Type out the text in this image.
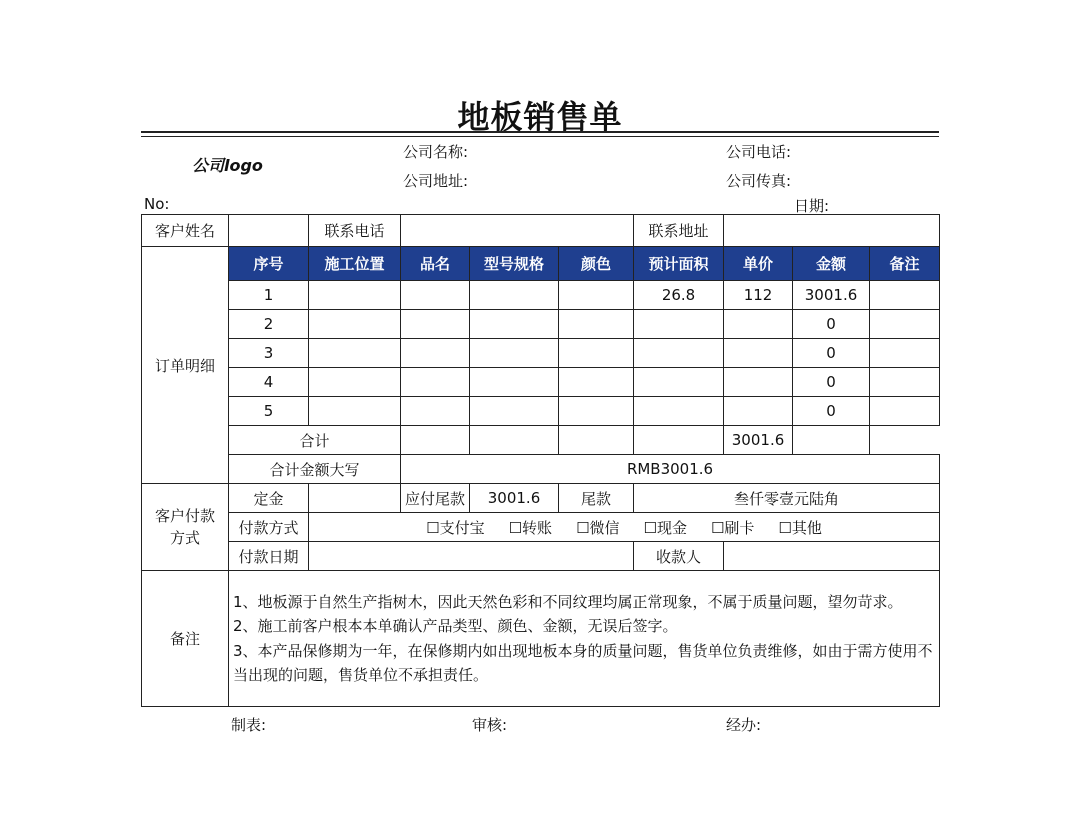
地板销售单
公司logo
公司名称:
公司地址:
公司电话:
公司传真:
No:	日期:
客户姓名		联系电话				联系地址			
订单明细	序号	施工位置	品名	型号规格	颜色	预计面积	单价	金额	备注
	1					26.8	112	3001.6	
	2							0	
	3							0	
	4							0	
	5							0	
	合计						3001.6		
	合计金额大写		RMB3001.6						
客户付款
方式	定金		应付尾款	3001.6	尾款	叁仟零壹元陆角			
	付款方式	☐支付宝 ☐转账 ☐微信 ☐现金 ☐刷卡 ☐其他							
	付款日期					收款人			
备注	1、地板源于自然生产指树木，因此天然色彩和不同纹理均属正常现象，不属于质量问题，望勿苛求。
2、施工前客户根本本单确认产品类型、颜色、金额，无误后签字。
3、本产品保修期为一年，在保修期内如出现地板本身的质量问题，售货单位负责维修，如由于需方使用不当出现的问题，售货单位不承担责任。								
制表:	审核:	经办:
